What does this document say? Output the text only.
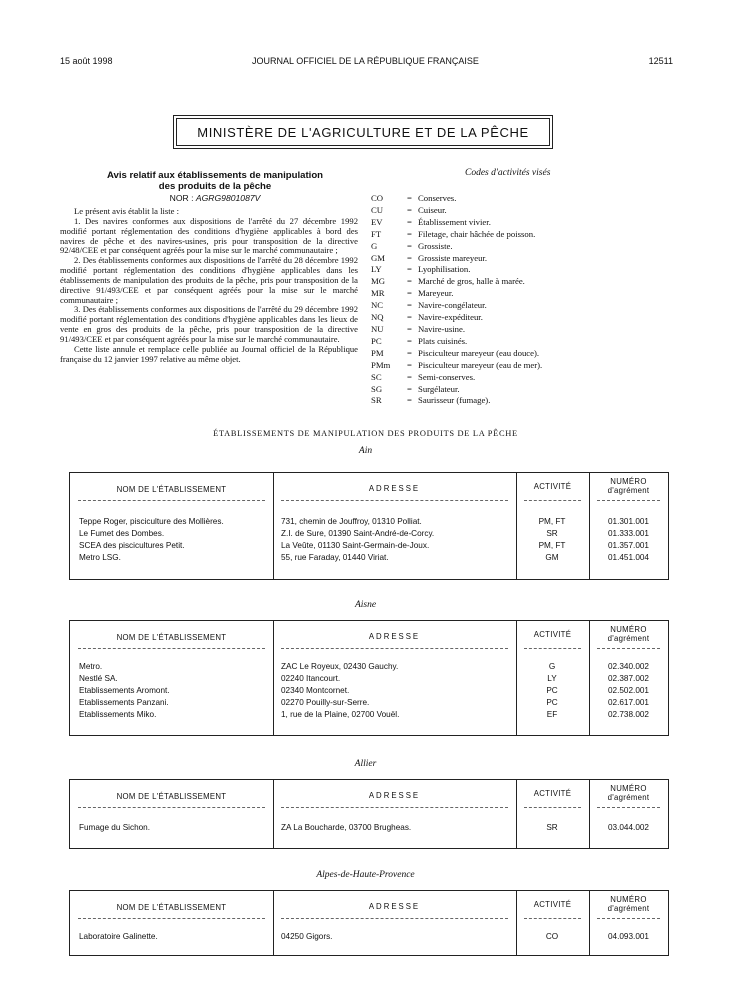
15 août 1998	JOURNAL OFFICIEL DE LA RÉPUBLIQUE FRANÇAISE	12511
MINISTÈRE DE L'AGRICULTURE ET DE LA PÊCHE
Avis relatif aux établissements de manipulation
des produits de la pêche
NOR : AGRG9801087V

Le présent avis établit la liste :

1. Des navires conformes aux dispositions de l'arrêté du 27 décembre 1992 modifié portant réglementation des conditions d'hygiène applicables à bord des navires de pêche et des navires-usines, pris pour transposition de la directive 92/48/CEE et par conséquent agréés pour la mise sur le marché communautaire ;

2. Des établissements conformes aux dispositions de l'arrêté du 28 décembre 1992 modifié portant réglementation des conditions d'hygiène applicables dans les établissements de manipulation des produits de la pêche, pris pour transposition de la directive 91/493/CEE et par conséquent agréés pour la mise sur le marché communautaire ;

3. Des établissements conformes aux dispositions de l'arrêté du 29 décembre 1992 modifié portant réglementation des conditions d'hygiène applicables dans les lieux de vente en gros des produits de la pêche, pris pour transposition de la directive 91/493/CEE et par conséquent agréés pour la mise sur le marché communautaire.

Cette liste annule et remplace celle publiée au Journal officiel de la République française du 12 janvier 1997 relative au même objet.

Codes d'activités visés
CO	= Conserves.
CU	= Cuiseur.
EV	= Établissement vivier.
FT	= Filetage, chair hâchée de poisson.
G	= Grossiste.
GM	= Grossiste mareyeur.
LY	= Lyophilisation.
MG	= Marché de gros, halle à marée.
MR	= Mareyeur.
NC	= Navire-congélateur.
NQ	= Navire-expéditeur.
NU	= Navire-usine.
PC	= Plats cuisinés.
PM	= Pisciculteur mareyeur (eau douce).
PMm	= Pisciculteur mareyeur (eau de mer).
SC	= Semi-conserves.
SG	= Surgélateur.
SR	= Saurisseur (fumage).
ÉTABLISSEMENTS DE MANIPULATION DES PRODUITS DE LA PÊCHE
Ain
NOM DE L'ÉTABLISSEMENT	ADRESSE	ACTIVITÉ
NUMÉRO
d'agrément
Teppe Roger, pisciculture des Mollières.	731, chemin de Jouffroy, 01310 Polliat.	PM, FT	01.301.001
Le Fumet des Dombes.	Z.I. de Sure, 01390 Saint-André-de-Corcy.	SR	01.333.001
SCEA des piscicultures Petit.	La Veûte, 01130 Saint-Germain-de-Joux.	PM, FT	01.357.001
Metro LSG.	55, rue Faraday, 01440 Viriat.	GM	01.451.004
Aisne
NOM DE L'ÉTABLISSEMENT	ADRESSE	ACTIVITÉ
NUMÉRO
d'agrément
Metro.	ZAC Le Royeux, 02430 Gauchy.	G	02.340.002
Nestlé SA.	02240 Itancourt.	LY	02.387.002
Etablissements Aromont.	02340 Montcornet.	PC	02.502.001
Etablissements Panzani.	02270 Pouilly-sur-Serre.	PC	02.617.001
Etablissements Miko.	1, rue de la Plaine, 02700 Vouël.	EF	02.738.002
Allier
NOM DE L'ÉTABLISSEMENT	ADRESSE	ACTIVITÉ
NUMÉRO
d'agrément
Fumage du Sichon.	ZA La Boucharde, 03700 Brugheas.	SR	03.044.002
Alpes-de-Haute-Provence
NOM DE L'ÉTABLISSEMENT	ADRESSE	ACTIVITÉ
NUMÉRO
d'agrément
Laboratoire Galinette.	04250 Gigors.	CO	04.093.001
